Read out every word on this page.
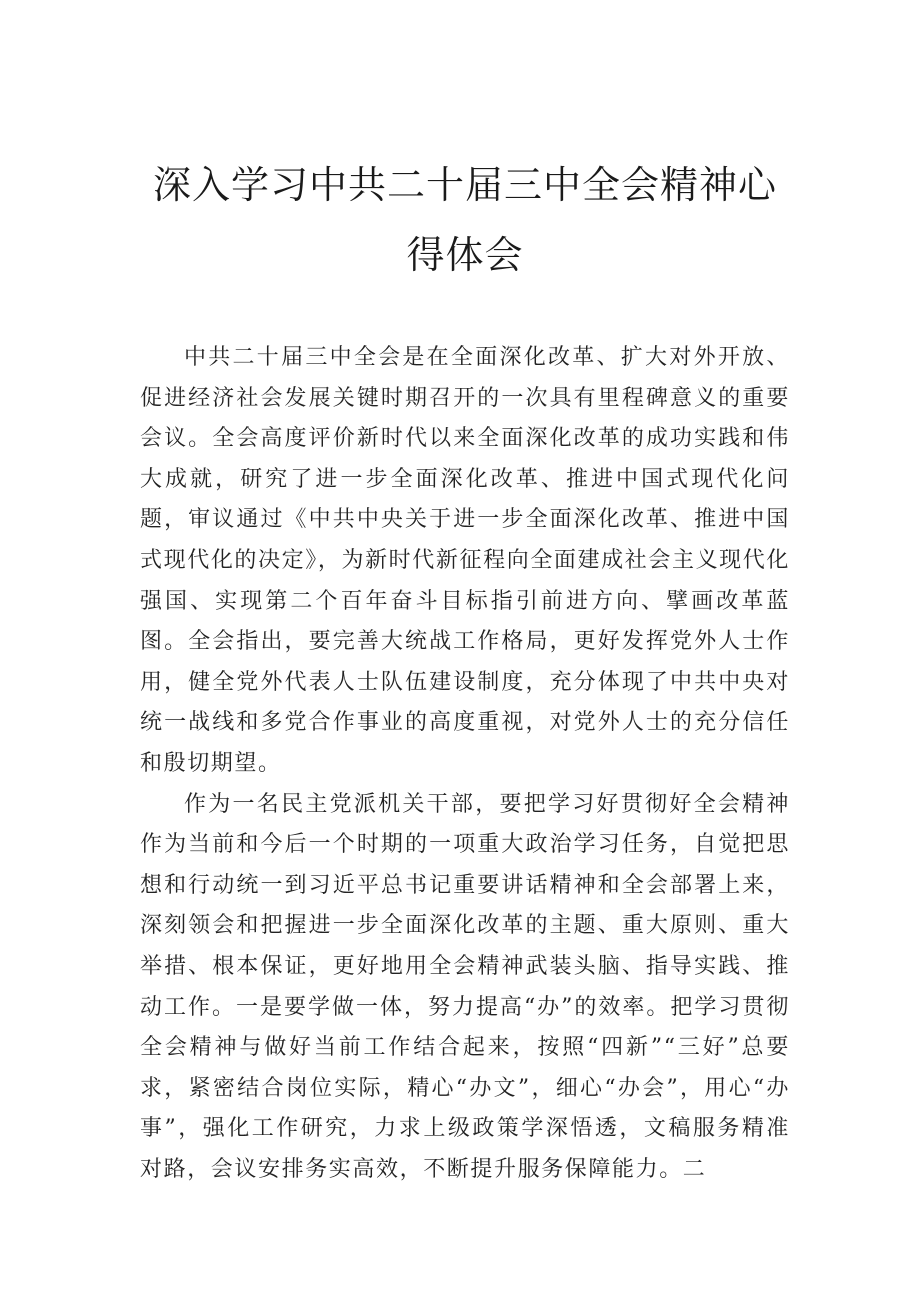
深入学习中共二十届三中全会精神心得体会

中共二十届三中全会是在全面深化改革、扩大对外开放、促进经济社会发展关键时期召开的一次具有里程碑意义的重要会议。全会高度评价新时代以来全面深化改革的成功实践和伟大成就，研究了进一步全面深化改革、推进中国式现代化问题，审议通过《中共中央关于进一步全面深化改革、推进中国式现代化的决定》，为新时代新征程向全面建成社会主义现代化强国、实现第二个百年奋斗目标指引前进方向、擘画改革蓝图。全会指出，要完善大统战工作格局，更好发挥党外人士作用，健全党外代表人士队伍建设制度，充分体现了中共中央对统一战线和多党合作事业的高度重视，对党外人士的充分信任和殷切期望。

作为一名民主党派机关干部，要把学习好贯彻好全会精神作为当前和今后一个时期的一项重大政治学习任务，自觉把思想和行动统一到习近平总书记重要讲话精神和全会部署上来，深刻领会和把握进一步全面深化改革的主题、重大原则、重大举措、根本保证，更好地用全会精神武装头脑、指导实践、推动工作。一是要学做一体，努力提高“办”的效率。把学习贯彻全会精神与做好当前工作结合起来，按照“四新”“三好”总要求，紧密结合岗位实际，精心“办文”，细心“办会”，用心“办事”，强化工作研究，力求上级政策学深悟透，文稿服务精准对路，会议安排务实高效，不断提升服务保障能力。二
